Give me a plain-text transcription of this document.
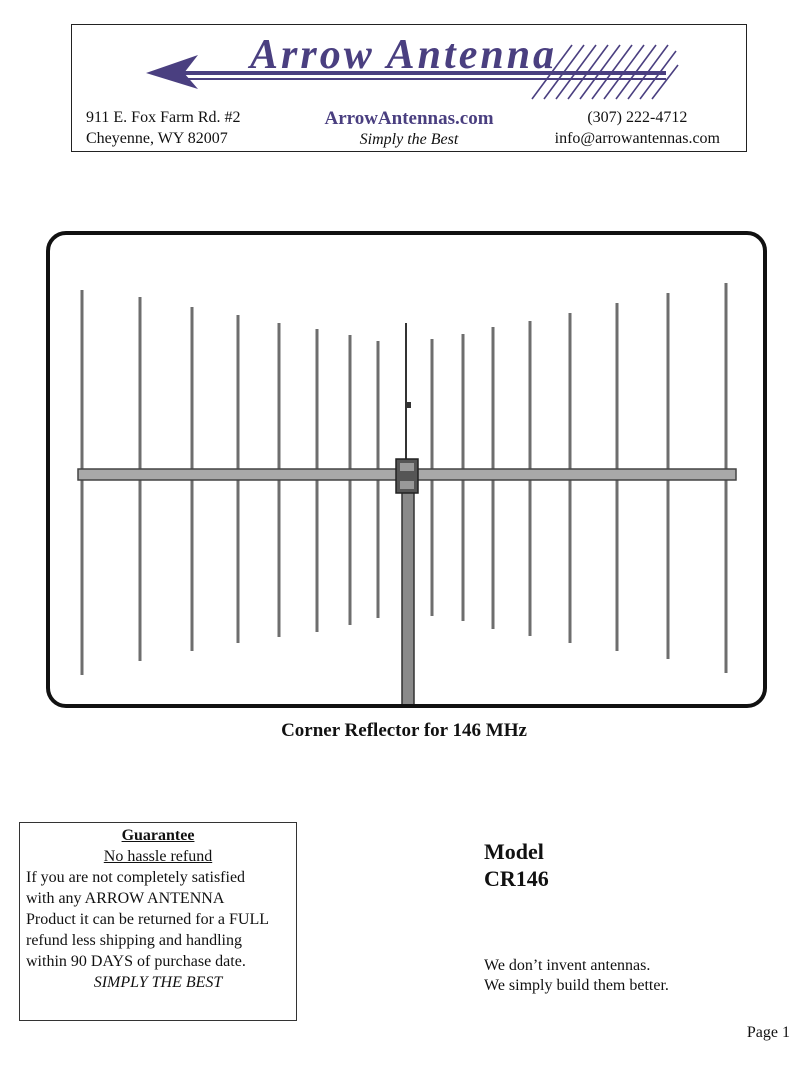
Arrow Antenna
911 E. Fox Farm Rd. #2
Cheyenne, WY 82007
ArrowAntennas.com
Simply the Best
(307) 222-4712
info@arrowantennas.com
Corner Reflector for 146 MHz
Guarantee
No hassle refund
If you are not completely satisfied
with any ARROW ANTENNA
Product it can be returned for a FULL
refund less shipping and handling
within 90 DAYS of purchase date.
SIMPLY THE BEST
Model
CR146
We don’t invent antennas.
We simply build them better.
Page 1
